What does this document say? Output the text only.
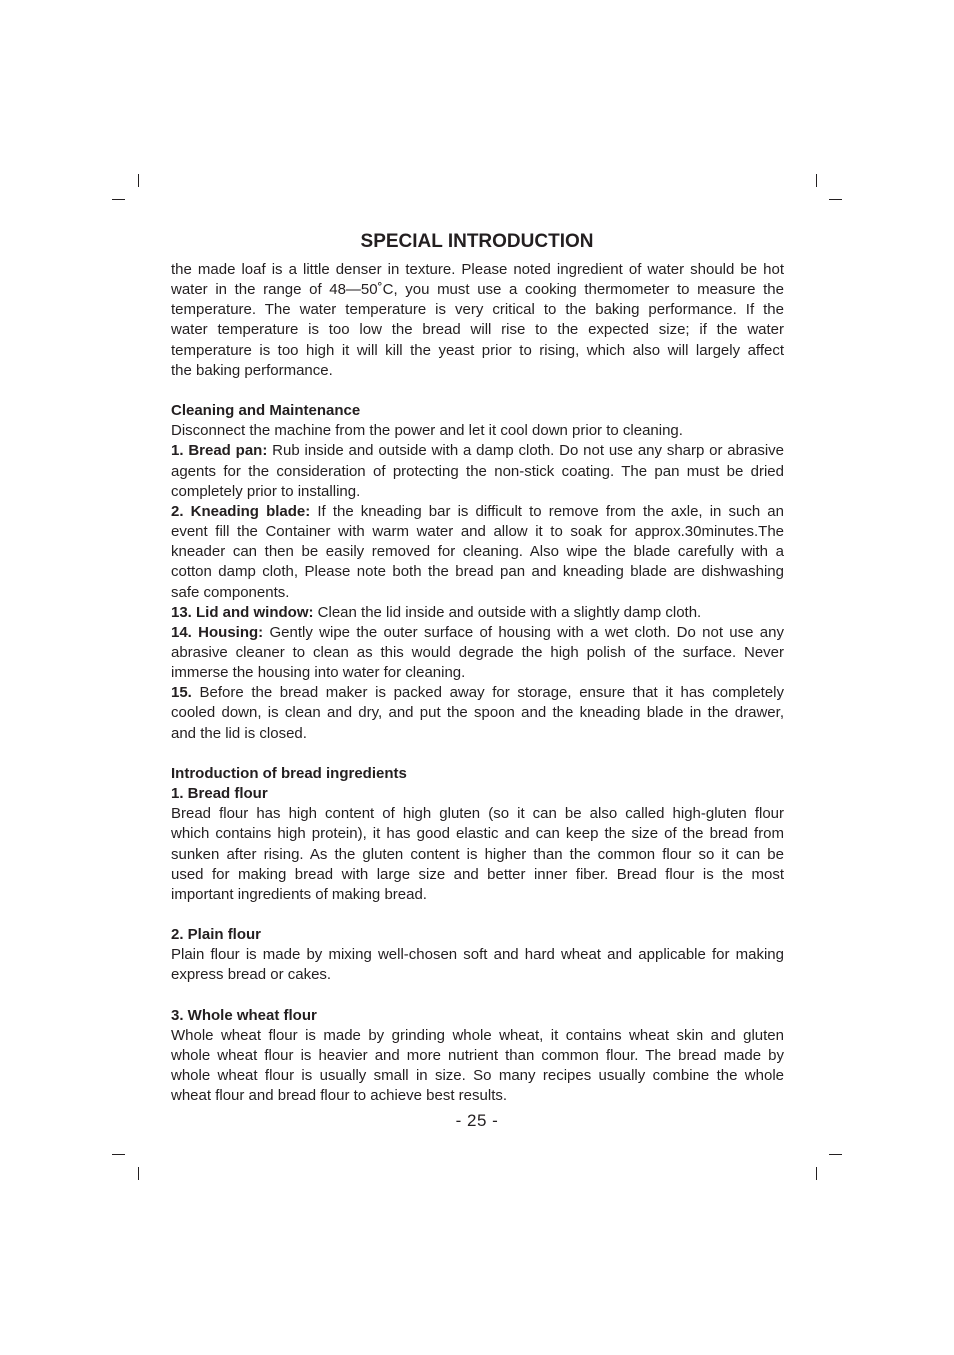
SPECIAL INTRODUCTION
the made loaf is a little denser in texture. Please noted ingredient of water should be hot
water in the range of 48—50˚C, you must use a cooking thermometer to measure the
temperature. The water temperature is very critical to the baking performance. If the
water temperature is too low the bread will rise to the expected size; if the water
temperature is too high it will kill the yeast prior to rising, which also will largely affect
the baking performance.
Cleaning and Maintenance
Disconnect the machine from the power and let it cool down prior to cleaning.
1. Bread pan: Rub inside and outside with a damp cloth. Do not use any sharp or abrasive
agents for the consideration of protecting the non-stick coating. The pan must be dried
completely prior to installing.
2. Kneading blade: If the kneading bar is difficult to remove from the axle, in such an
event fill the Container with warm water and allow it to soak for approx.30minutes.The
kneader can then be easily removed for cleaning. Also wipe the blade carefully with a
cotton damp cloth, Please note both the bread pan and kneading blade are dishwashing
safe components.
13. Lid and window: Clean the lid inside and outside with a slightly damp cloth.
14. Housing: Gently wipe the outer surface of housing with a wet cloth. Do not use any
abrasive cleaner to clean as this would degrade the high polish of the surface. Never
immerse the housing into water for cleaning.
15. Before the bread maker is packed away for storage, ensure that it has completely
cooled down, is clean and dry, and put the spoon and the kneading blade in the drawer,
and the lid is closed.
Introduction of bread ingredients
1. Bread flour
Bread flour has high content of high gluten (so it can be also called high-gluten flour
which contains high protein), it has good elastic and can keep the size of the bread from
sunken after rising. As the gluten content is higher than the common flour so it can be
used for making bread with large size and better inner fiber. Bread flour is the most
important ingredients of making bread.
2. Plain flour
Plain flour is made by mixing well-chosen soft and hard wheat and applicable for making
express bread or cakes.
3. Whole wheat flour
Whole wheat flour is made by grinding whole wheat, it contains wheat skin and gluten
whole wheat flour is heavier and more nutrient than common flour. The bread made by
whole wheat flour is usually small in size. So many recipes usually combine the whole
wheat flour and bread flour to achieve best results.
- 25 -
